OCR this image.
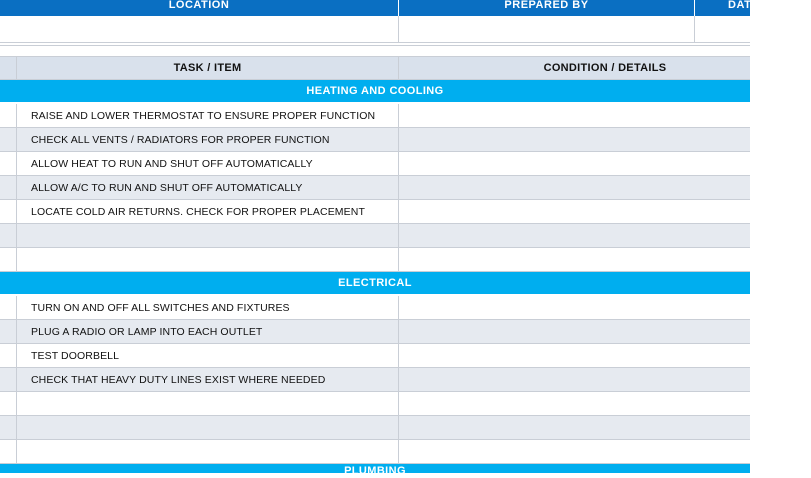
LOCATION	PREPARED BY	DATE
TASK / ITEM	CONDITION / DETAILS
HEATING AND COOLING
RAISE AND LOWER THERMOSTAT TO ENSURE PROPER FUNCTION
CHECK ALL VENTS / RADIATORS FOR PROPER FUNCTION
ALLOW HEAT TO RUN AND SHUT OFF AUTOMATICALLY
ALLOW A/C TO RUN AND SHUT OFF AUTOMATICALLY
LOCATE COLD AIR RETURNS. CHECK FOR PROPER PLACEMENT
ELECTRICAL
TURN ON AND OFF ALL SWITCHES AND FIXTURES
PLUG A RADIO OR LAMP INTO EACH OUTLET
TEST DOORBELL
CHECK THAT HEAVY DUTY LINES EXIST WHERE NEEDED
PLUMBING
